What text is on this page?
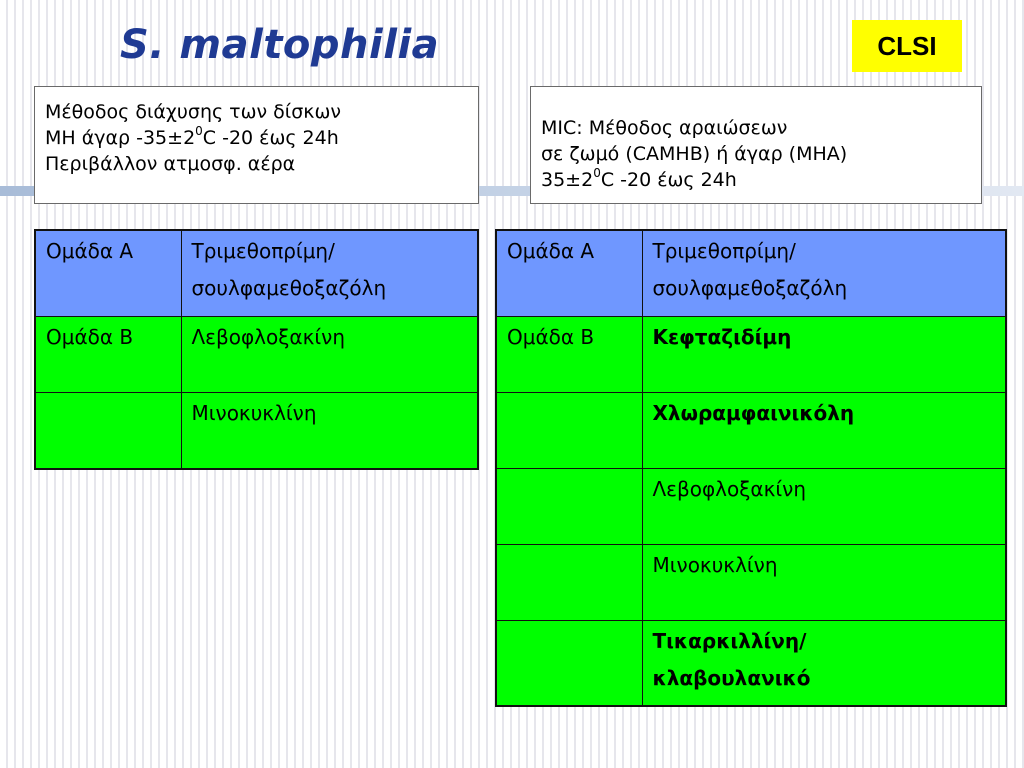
S. maltophilia	CLSI
Μέθοδος διάχυσης των δίσκων
ΜΗ άγαρ $-35\pm 2^0C$ -20 έως 24h
Περιβάλλον ατμοσφ. αέρα
MIC: Μέθοδος αραιώσεων
σε ζωμό (CAMHB) ή άγαρ (MHA)
$35\pm 2^0C$ -20 έως 24h
Ομάδα A	Τριμεθοπρίμη/
σουλφαμεθοξαζόλη

Ομάδα B	Λεβοφλοξακίνη
	Μινοκυκλίνη
Ομάδα A	Τριμεθοπρίμη/
σουλφαμεθοξαζόλη

Ομάδα B	Κεφταζιδίμη
	Χλωραμφαινικόλη
	Λεβοφλοξακίνη
	Μινοκυκλίνη

	Τικαρκιλλίνη/
κλαβουλανικό
